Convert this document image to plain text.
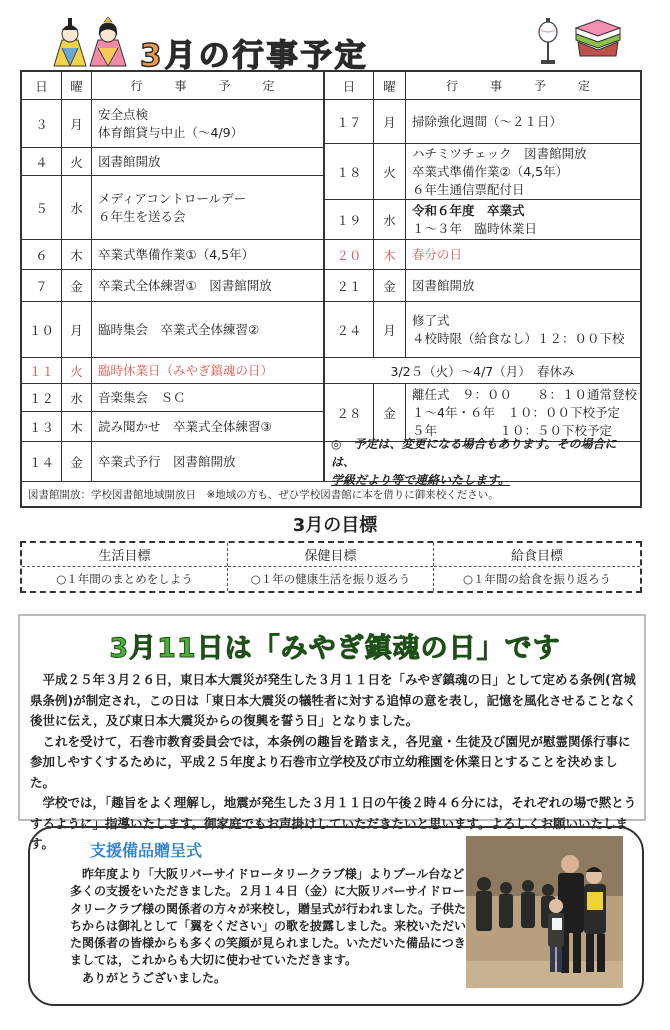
3月の行事予定
日	曜	行　事　予　定	日	曜	行　事　予　定
３	月
安全点検
体育館貸与中止（～4/9）
４	火	図書館開放
５	水
メディアコントロールデー
６年生を送る会
６	木	卒業式準備作業①（4,5年）
７	金	卒業式全体練習①　図書館開放
１０	月	臨時集会　卒業式全体練習②
１１	火	臨時休業日（みやぎ鎮魂の日）
１２	水	音楽集会　ＳＣ
１３	木	読み聞かせ　卒業式全体練習③
１４	金	卒業式予行　図書館開放
１７	月	掃除強化週間（～２１日）
１８	火
ハチミツチェック　図書館開放
卒業式準備作業②（4,5年）
６年生通信票配付日
１９	水
令和６年度　卒業式
１～３年　臨時休業日
２０	木	春分の日
２１	金	図書館開放
２４	月
修了式
４校時限（給食なし）１２：００下校
3/2５（火）～4/7（月）　春休み
２８	金
離任式　９：００　　８：１０通常登校
１～4年・６年　１０：００下校予定
５年　　　　　１０：５０下校予定
◎　予定は、変更になる場合もあります。その場合には、
学級だより等で連絡いたします。
図書館開放：学校図書館地域開放日　※地域の方も、ぜひ学校図書館に本を借りに御来校ください。
3月の目標
生活目標
○１年間のまとめをしよう
保健目標
○１年の健康生活を振り返ろう
給食目標
○１年間の給食を振り返ろう
3月11日は「みやぎ鎮魂の日」です

　平成２５年３月２６日，東日本大震災が発生した３月１１日を「みやぎ鎮魂の日」として定める条例(宮城県条例)が制定され，この日は「東日本大震災の犠牲者に対する追悼の意を表し，記憶を風化させることなく後世に伝え，及び東日本大震災からの復興を誓う日」となりました。

　これを受けて，石巻市教育委員会では，本条例の趣旨を踏まえ，各児童・生徒及び園児が慰霊関係行事に参加しやすくするために，平成２５年度より石巻市立学校及び市立幼稚園を休業日とすることを決めました。

　学校では，「趣旨をよく理解し，地震が発生した３月１１日の午後２時４６分には，それぞれの場で黙とうするように」指導いたします。御家庭でもお声掛けしていただきたいと思います。よろしくお願いいたします。	支援備品贈呈式

　昨年度より「大阪リバーサイドロータリークラブ様」よりプール台など多くの支援をいただきました。２月１４日（金）に大阪リバーサイドロータリークラブ様の関係者の方々が来校し，贈呈式が行われました。子供たちからは御礼として「翼をください」の歌を披露しました。来校いただいた関係者の皆様からも多くの笑顔が見られました。いただいた備品につきましては，これからも大切に使わせていただきます。

　ありがとうございました。
